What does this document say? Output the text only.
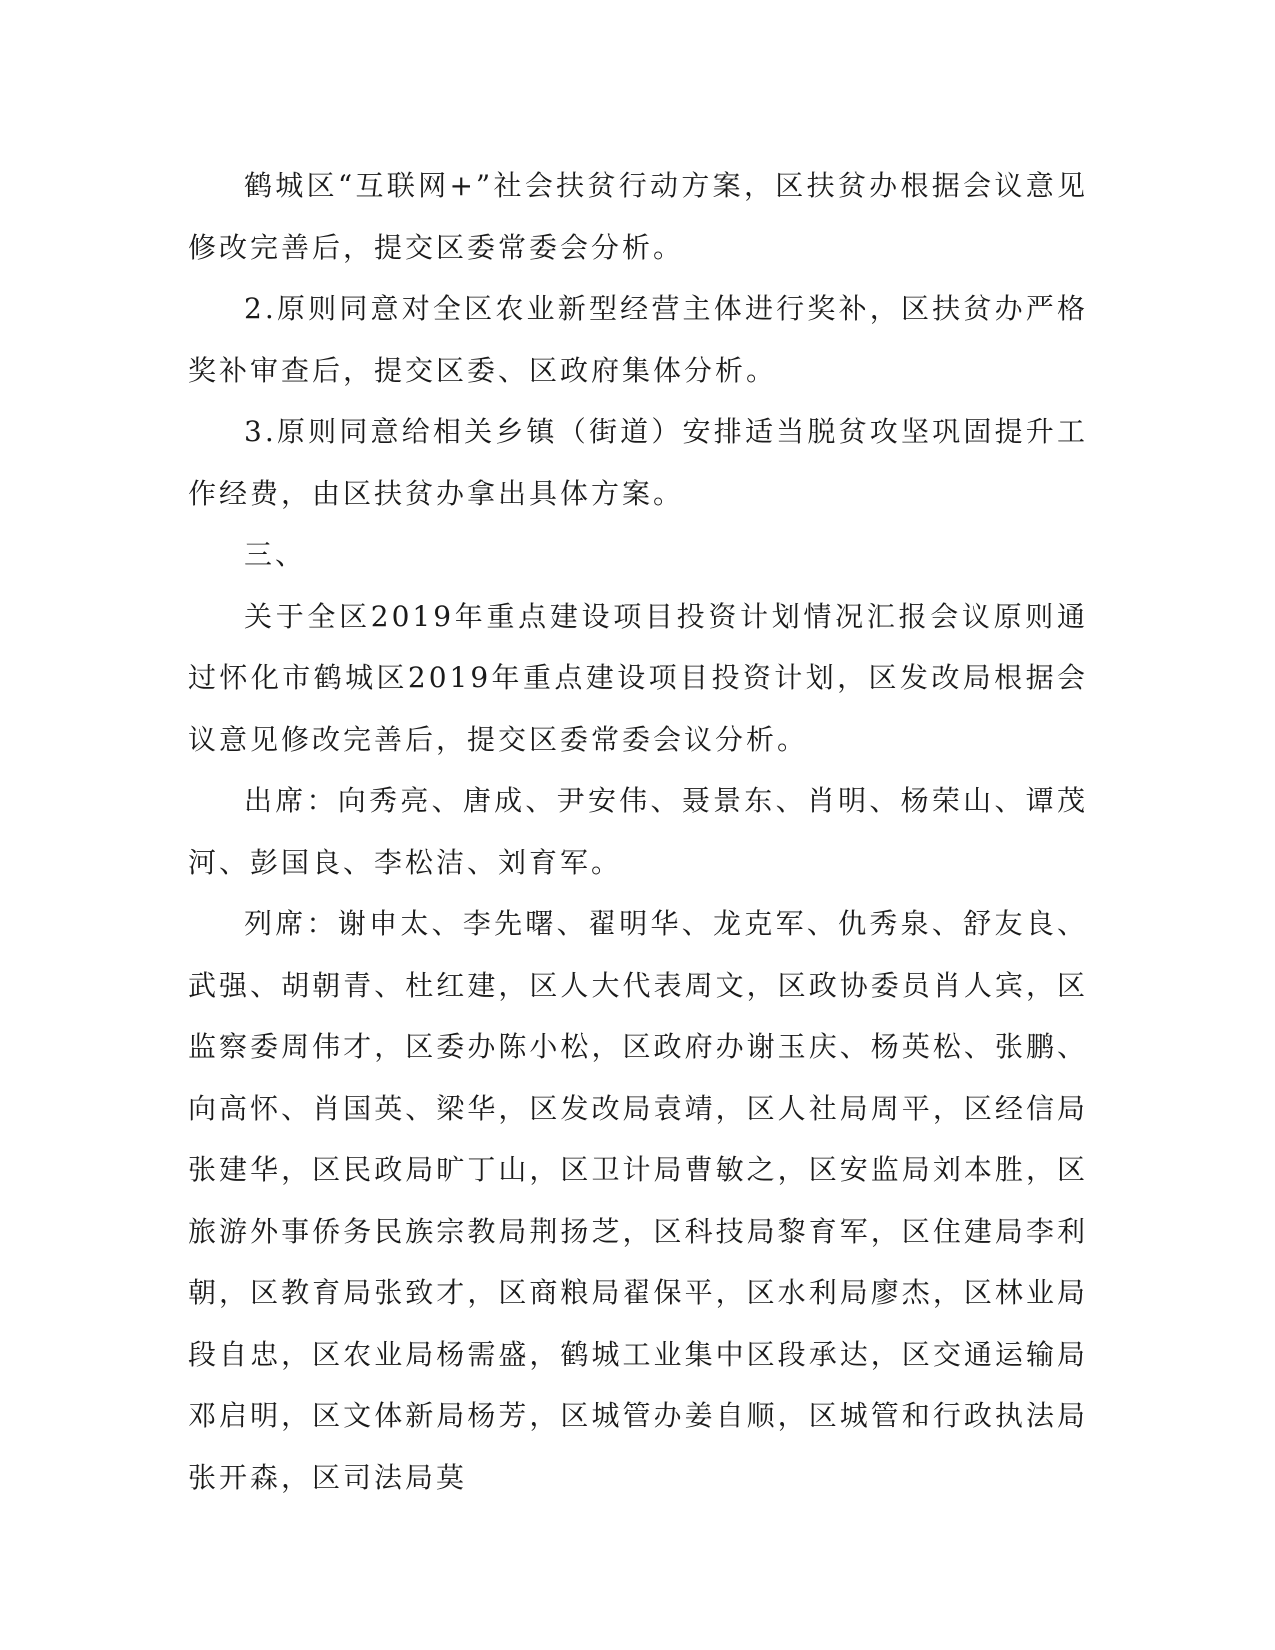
鹤城区“互联网+”社会扶贫行动方案，区扶贫办根据会议意见修改完善后，提交区委常委会分析。

2.原则同意对全区农业新型经营主体进行奖补，区扶贫办严格奖补审查后，提交区委、区政府集体分析。

3.原则同意给相关乡镇（街道）安排适当脱贫攻坚巩固提升工作经费，由区扶贫办拿出具体方案。

三、

关于全区2019年重点建设项目投资计划情况汇报会议原则通过怀化市鹤城区2019年重点建设项目投资计划，区发改局根据会议意见修改完善后，提交区委常委会议分析。

出席：向秀亮、唐成、尹安伟、聂景东、肖明、杨荣山、谭茂河、彭国良、李松洁、刘育军。

列席：谢申太、李先曙、翟明华、龙克军、仇秀泉、舒友良、武强、胡朝青、杜红建，区人大代表周文，区政协委员肖人宾，区监察委周伟才，区委办陈小松，区政府办谢玉庆、杨英松、张鹏、向高怀、肖国英、梁华，区发改局袁靖，区人社局周平，区经信局张建华，区民政局旷丁山，区卫计局曹敏之，区安监局刘本胜，区旅游外事侨务民族宗教局荆扬芝，区科技局黎育军，区住建局李利朝，区教育局张致才，区商粮局翟保平，区水利局廖杰，区林业局段自忠，区农业局杨需盛，鹤城工业集中区段承达，区交通运输局邓启明，区文体新局杨芳，区城管办姜自顺，区城管和行政执法局张开森，区司法局莫
